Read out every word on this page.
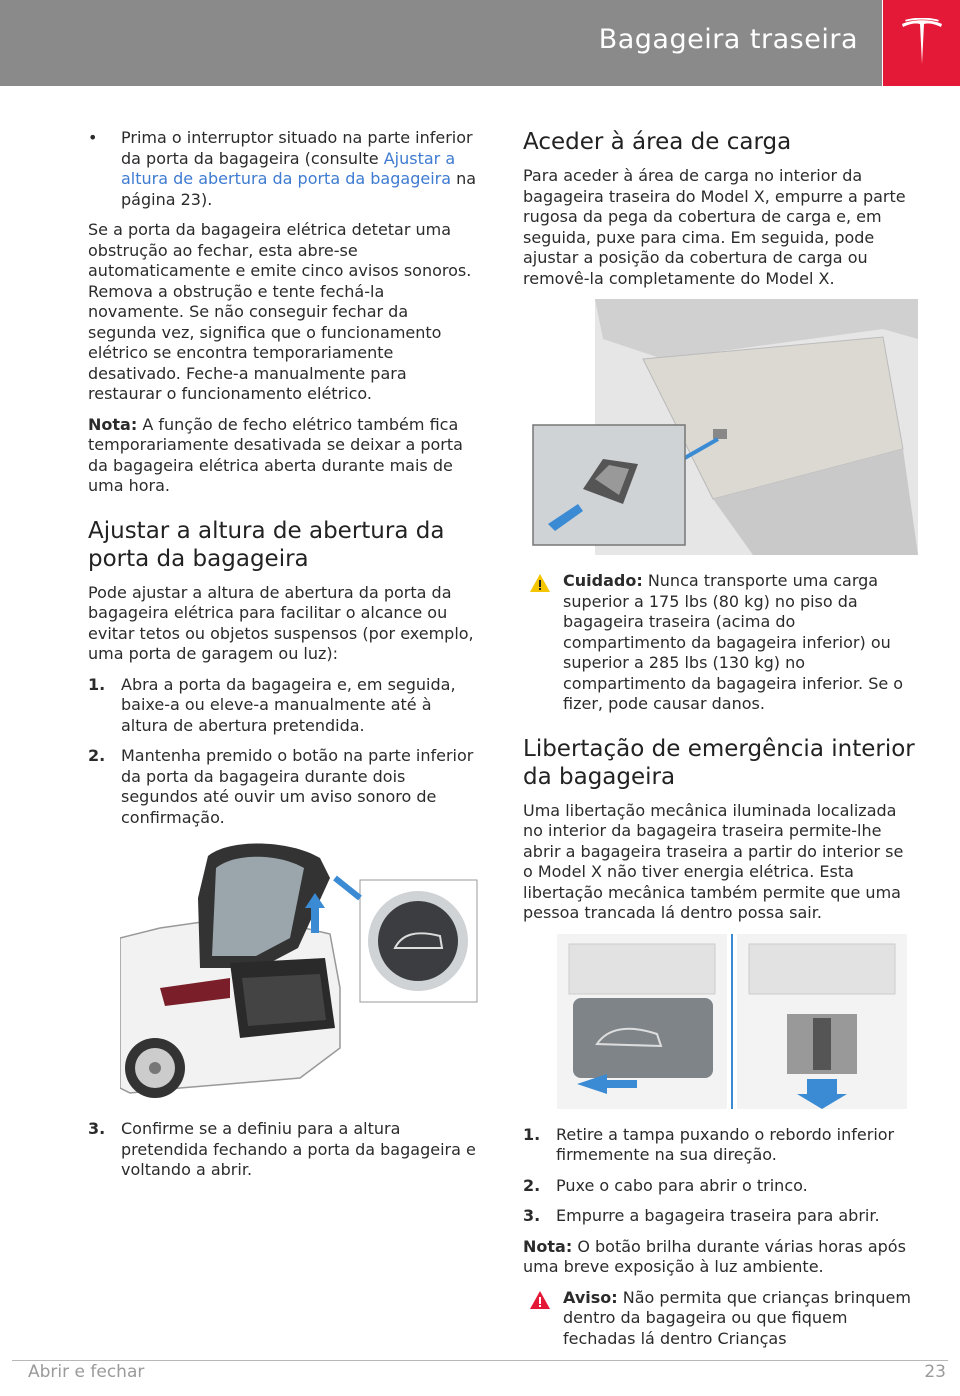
Bagageira traseira
• Prima o interruptor situado na parte inferior da porta da bagageira (consulte Ajustar a altura de abertura da porta da bagageira na página 23).

Se a porta da bagageira elétrica detetar uma obstrução ao fechar, esta abre-se automaticamente e emite cinco avisos sonoros. Remova a obstrução e tente fechá-la novamente. Se não conseguir fechar da segunda vez, significa que o funcionamento elétrico se encontra temporariamente desativado. Feche-a manualmente para restaurar o funcionamento elétrico.

Nota: A função de fecho elétrico também fica temporariamente desativada se deixar a porta da bagageira elétrica aberta durante mais de uma hora.

Ajustar a altura de abertura da porta da bagageira

Pode ajustar a altura de abertura da porta da bagageira elétrica para facilitar o alcance ou evitar tetos ou objetos suspensos (por exemplo, uma porta de garagem ou luz):

1. Abra a porta da bagageira e, em seguida, baixe-a ou eleve-a manualmente até à altura de abertura pretendida.
2. Mantenha premido o botão na parte inferior da porta da bagageira durante dois segundos até ouvir um aviso sonoro de confirmação.
3. Confirme se a definiu para a altura pretendida fechando a porta da bagageira e voltando a abrir.
Aceder à área de carga

Para aceder à área de carga no interior da bagageira traseira do Model X, empurre a parte rugosa da pega da cobertura de carga e, em seguida, puxe para cima. Em seguida, pode ajustar a posição da cobertura de carga ou removê-la completamente do Model X.

Cuidado: Nunca transporte uma carga superior a 175 lbs (80 kg) no piso da bagageira traseira (acima do compartimento da bagageira inferior) ou superior a 285 lbs (130 kg) no compartimento da bagageira inferior. Se o fizer, pode causar danos.
Libertação de emergência interior da bagageira

Uma libertação mecânica iluminada localizada no interior da bagageira traseira permite-lhe abrir a bagageira traseira a partir do interior se o Model X não tiver energia elétrica. Esta libertação mecânica também permite que uma pessoa trancada lá dentro possa sair.

1. Retire a tampa puxando o rebordo inferior firmemente na sua direção.
2. Puxe o cabo para abrir o trinco.
3. Empurre a bagageira traseira para abrir.

Nota: O botão brilha durante várias horas após uma breve exposição à luz ambiente.

Aviso: Não permita que crianças brinquem dentro da bagageira ou que fiquem fechadas lá dentro Crianças
Abrir e fechar	23
